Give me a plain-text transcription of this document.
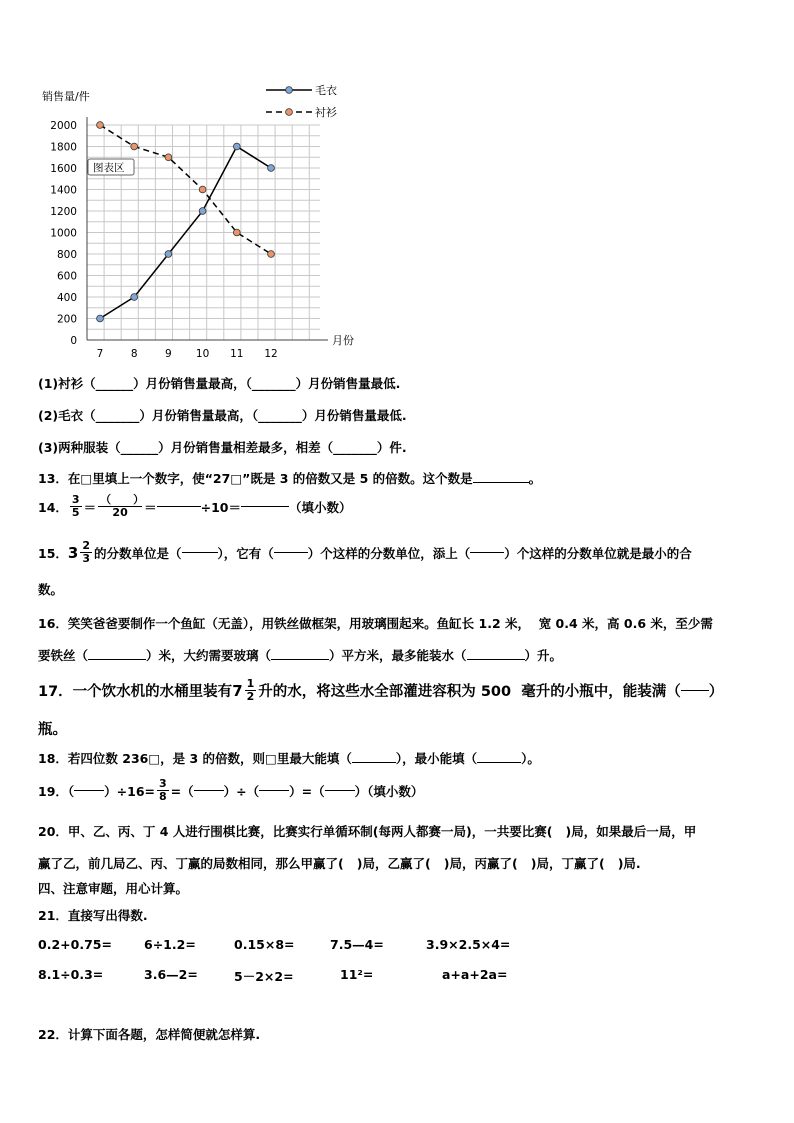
0
200
400
600
800
1000
1200
1400
1600
1800
2000
7	8	9 10 11 12
毛衣
衬衫
销售量/件
月份
图表区
(1)衬衫（______）月份销售量最高，（_______）月份销售量最低.
(2)毛衣（_______）月份销售量最高，（_______）月份销售量最低.
(3)两种服装（______）月份销售量相差最多，相差（_______）件.
13．在□里填上一个数字，使“27□”既是 3 的倍数又是 5 的倍数。这个数是	。
14． $\frac{3}{5} = \frac{( )}{20}$ ＝	÷10＝	（填小数）
15． $3 \frac{2}{3}$ 的分数单位是（	），它有（	）个这样的分数单位，添上（	）个这样的分数单位就是最小的合
数。
16．笑笑爸爸要制作一个鱼缸（无盖），用铁丝做框架，用玻璃围起来。鱼缸长 1.2 米，  宽 0.4 米，高 0.6 米，至少需
要铁丝（	）米，大约需要玻璃（	）平方米，最多能装水（	）升。
17．一个饮水机的水桶里装有 $7 \frac{1}{2}$ 升的水，将这些水全部灌进容积为 500  毫升的小瓶中，能装满（ ）
瓶。
18．若四位数 236□，是 3 的倍数，则□里最大能填（	），最小能填（	）。
19．（ ）$\div 16= \frac{3}{8}$ =（ ）÷（ ）=（ ）（填小数）
20．甲、乙、丙、丁 4 人进行围棋比赛，比赛实行单循环制(每两人都赛一局)，一共要比赛(   )局，如果最后一局，甲
赢了乙，前几局乙、丙、丁赢的局数相同，那么甲赢了(   )局，乙赢了(   )局，丙赢了(   )局，丁赢了(   )局.
四、注意审题，用心计算。
21．直接写出得数.
0.2+0.75=	6÷1.2=	0.15×8=	7.5—4=	3.9×2.5×4=
8.1÷0.3=	3.6—2=	5－2×2=	11²=	a+a+2a=
22．计算下面各题，怎样简便就怎样算.
